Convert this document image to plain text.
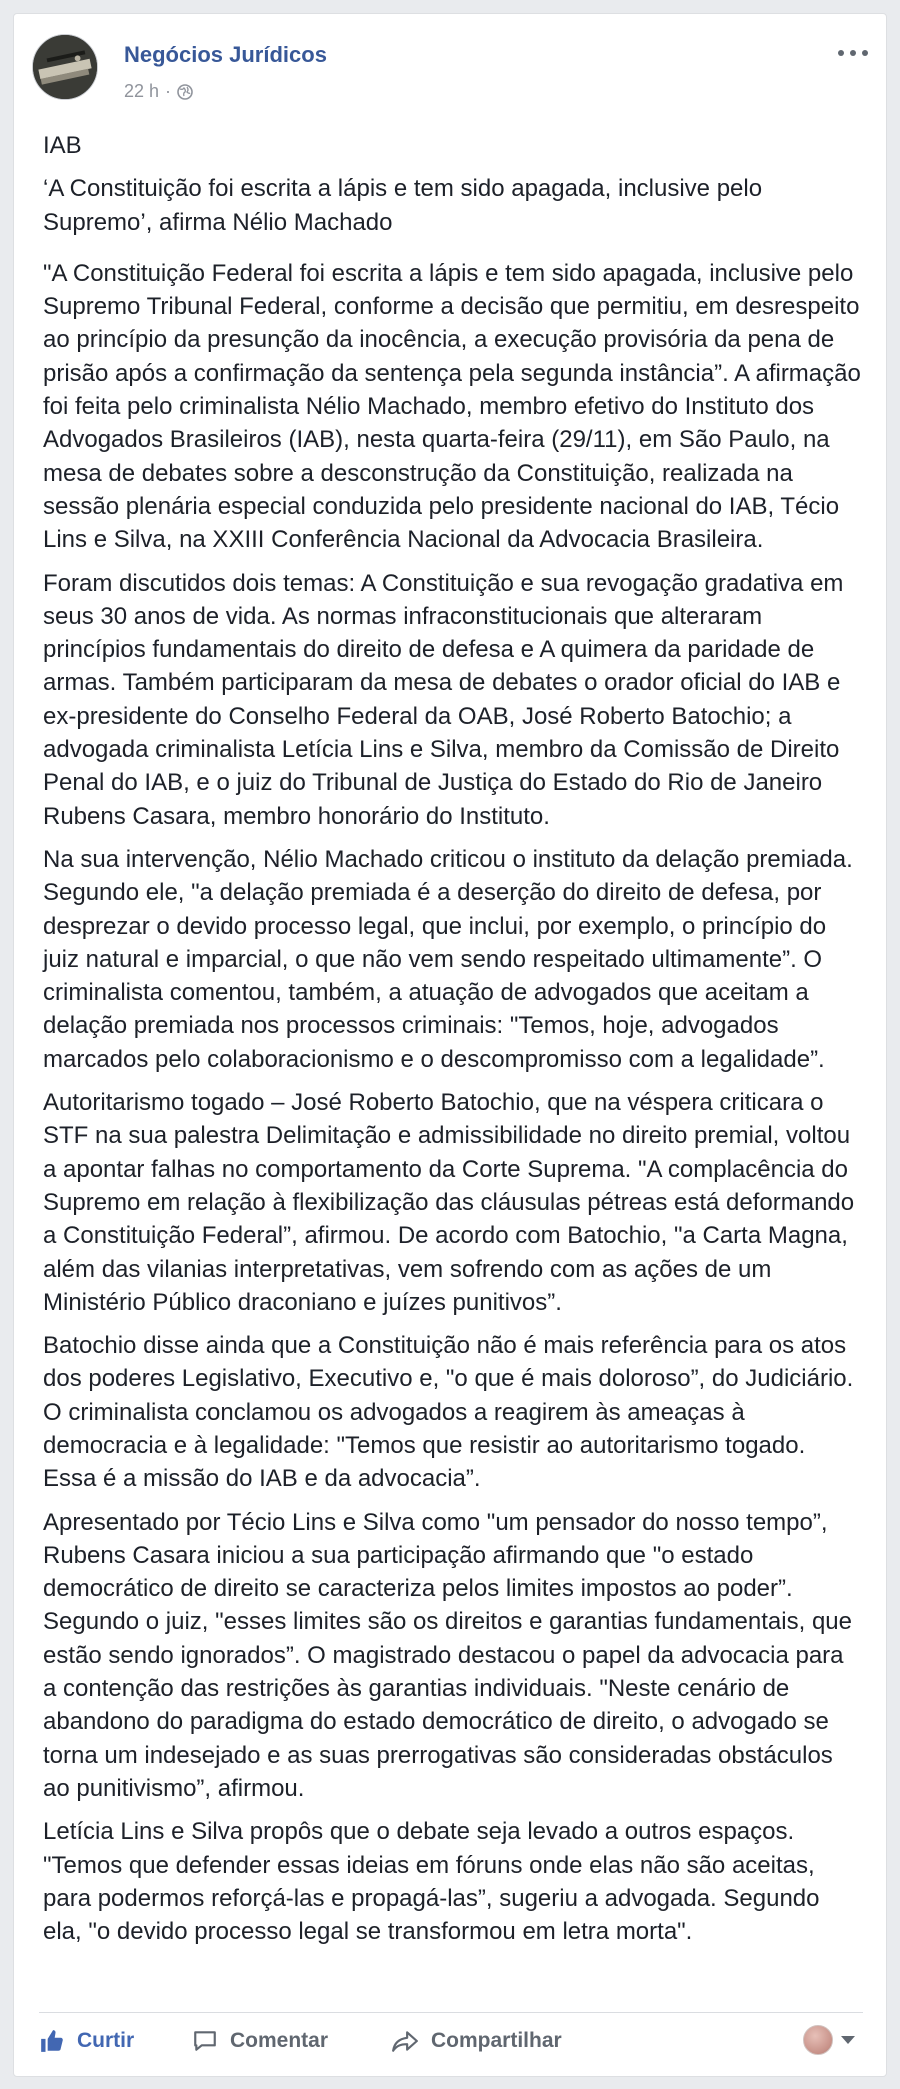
Negócios Jurídicos
22 h ·

IAB

‘A Constituição foi escrita a lápis e tem sido apagada, inclusive pelo Supremo’, afirma Nélio Machado

"A Constituição Federal foi escrita a lápis e tem sido apagada, inclusive pelo Supremo Tribunal Federal, conforme a decisão que permitiu, em desrespeito ao princípio da presunção da inocência, a execução provisória da pena de prisão após a confirmação da sentença pela segunda instância”. A afirmação foi feita pelo criminalista Nélio Machado, membro efetivo do Instituto dos Advogados Brasileiros (IAB), nesta quarta-feira (29/11), em São Paulo, na mesa de debates sobre a desconstrução da Constituição, realizada na sessão plenária especial conduzida pelo presidente nacional do IAB, Técio Lins e Silva, na XXIII Conferência Nacional da Advocacia Brasileira.

Foram discutidos dois temas: A Constituição e sua revogação gradativa em seus 30 anos de vida. As normas infraconstitucionais que alteraram princípios fundamentais do direito de defesa e A quimera da paridade de armas. Também participaram da mesa de debates o orador oficial do IAB e ex-presidente do Conselho Federal da OAB, José Roberto Batochio; a advogada criminalista Letícia Lins e Silva, membro da Comissão de Direito Penal do IAB, e o juiz do Tribunal de Justiça do Estado do Rio de Janeiro Rubens Casara, membro honorário do Instituto.

Na sua intervenção, Nélio Machado criticou o instituto da delação premiada. Segundo ele, "a delação premiada é a deserção do direito de defesa, por desprezar o devido processo legal, que inclui, por exemplo, o princípio do juiz natural e imparcial, o que não vem sendo respeitado ultimamente”. O criminalista comentou, também, a atuação de advogados que aceitam a delação premiada nos processos criminais: "Temos, hoje, advogados marcados pelo colaboracionismo e o descompromisso com a legalidade”.

Autoritarismo togado – José Roberto Batochio, que na véspera criticara o STF na sua palestra Delimitação e admissibilidade no direito premial, voltou a apontar falhas no comportamento da Corte Suprema. "A complacência do Supremo em relação à flexibilização das cláusulas pétreas está deformando a Constituição Federal”, afirmou. De acordo com Batochio, "a Carta Magna, além das vilanias interpretativas, vem sofrendo com as ações de um Ministério Público draconiano e juízes punitivos”.

Batochio disse ainda que a Constituição não é mais referência para os atos dos poderes Legislativo, Executivo e, "o que é mais doloroso”, do Judiciário. O criminalista conclamou os advogados a reagirem às ameaças à democracia e à legalidade: "Temos que resistir ao autoritarismo togado. Essa é a missão do IAB e da advocacia”.

Apresentado por Técio Lins e Silva como "um pensador do nosso tempo”, Rubens Casara iniciou a sua participação afirmando que "o estado democrático de direito se caracteriza pelos limites impostos ao poder”. Segundo o juiz, "esses limites são os direitos e garantias fundamentais, que estão sendo ignorados”. O magistrado destacou o papel da advocacia para a contenção das restrições às garantias individuais. "Neste cenário de abandono do paradigma do estado democrático de direito, o advogado se torna um indesejado e as suas prerrogativas são consideradas obstáculos ao punitivismo”, afirmou.

Letícia Lins e Silva propôs que o debate seja levado a outros espaços. "Temos que defender essas ideias em fóruns onde elas não são aceitas, para podermos reforçá-las e propagá-las”, sugeriu a advogada. Segundo ela, "o devido processo legal se transformou em letra morta".

Curtir	Comentar	Compartilhar
